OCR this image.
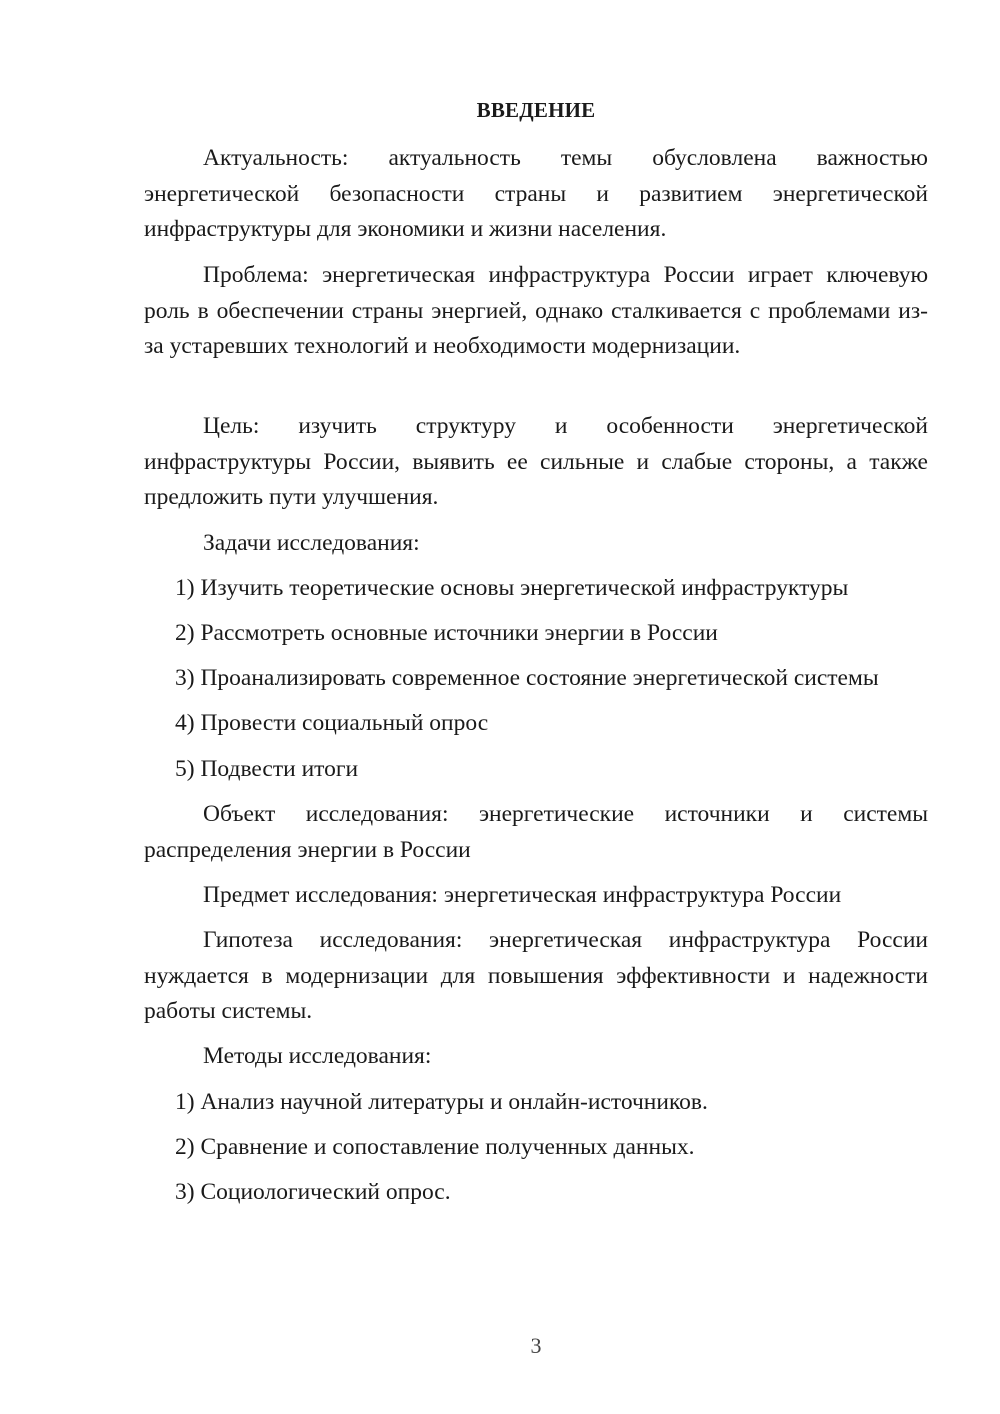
ВВЕДЕНИЕ

Актуальность: актуальность темы обусловлена важностью энергетической безопасности страны и развитием энергетической инфраструктуры для экономики и жизни населения.

Проблема: энергетическая инфраструктура России играет ключевую роль в обеспечении страны энергией, однако сталкивается с проблемами из-за устаревших технологий и необходимости модернизации.

Цель: изучить структуру и особенности энергетической инфраструктуры России, выявить ее сильные и слабые стороны, а также предложить пути улучшения.

Задачи исследования:
1) Изучить теоретические основы энергетической инфраструктуры
2) Рассмотреть основные источники энергии в России
3) Проанализировать современное состояние энергетической системы
4) Провести социальный опрос
5) Подвести итоги

Объект исследования: энергетические источники и системы распределения энергии в России

Предмет исследования: энергетическая инфраструктура России

Гипотеза исследования: энергетическая инфраструктура России нуждается в модернизации для повышения эффективности и надежности работы системы.

Методы исследования:
1) Анализ научной литературы и онлайн-источников.
2) Сравнение и сопоставление полученных данных.
3) Социологический опрос.
3
